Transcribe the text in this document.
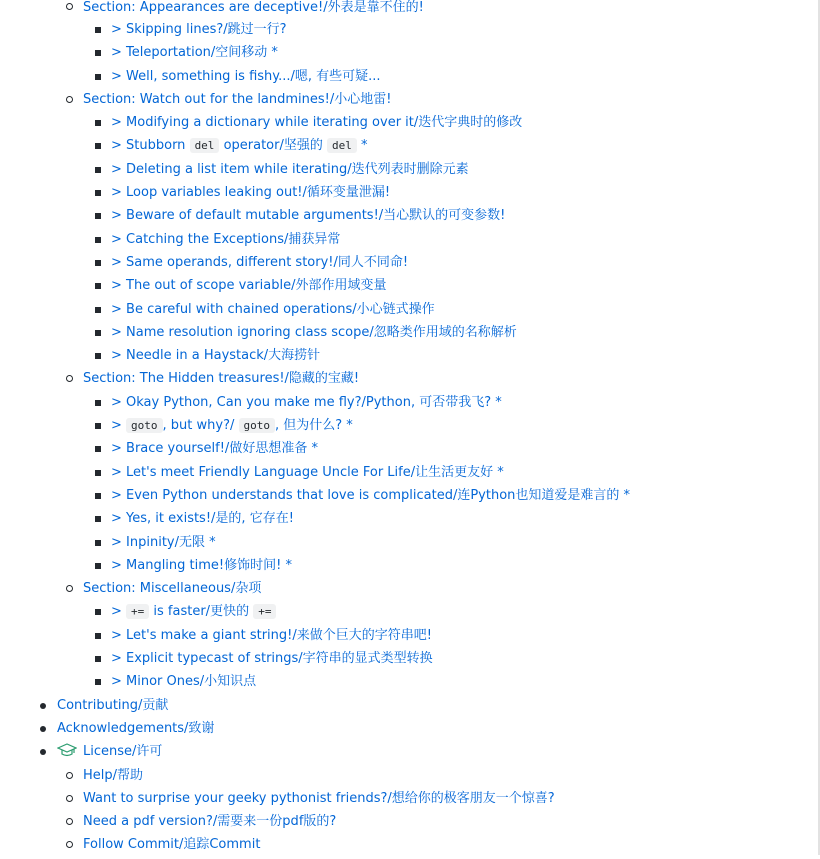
Section: Appearances are deceptive!/外表是靠不住的!
> Skipping lines?/跳过一行?
> Teleportation/空间移动 *
> Well, something is fishy.../嗯, 有些可疑...
Section: Watch out for the landmines!/小心地雷!
> Modifying a dictionary while iterating over it/迭代字典时的修改
> Stubborn del operator/坚强的 del *
> Deleting a list item while iterating/迭代列表时删除元素
> Loop variables leaking out!/循环变量泄漏!
> Beware of default mutable arguments!/当心默认的可变参数!
> Catching the Exceptions/捕获异常
> Same operands, different story!/同人不同命!
> The out of scope variable/外部作用域变量
> Be careful with chained operations/小心链式操作
> Name resolution ignoring class scope/忽略类作用域的名称解析
> Needle in a Haystack/大海捞针
Section: The Hidden treasures!/隐藏的宝藏!
> Okay Python, Can you make me fly?/Python, 可否带我飞? *
> goto , but why?/ goto , 但为什么? *
> Brace yourself!/做好思想准备 *
> Let's meet Friendly Language Uncle For Life/让生活更友好 *
> Even Python understands that love is complicated/连Python也知道爱是难言的 *
> Yes, it exists!/是的, 它存在!
> Inpinity/无限 *
> Mangling time!修饰时间! *
Section: Miscellaneous/杂项
> += is faster/更快的 +=
> Let's make a giant string!/来做个巨大的字符串吧!
> Explicit typecast of strings/字符串的显式类型转换
> Minor Ones/小知识点
Contributing/贡献
Acknowledgements/致谢
License/许可
Help/帮助
Want to surprise your geeky pythonist friends?/想给你的极客朋友一个惊喜?
Need a pdf version?/需要来一份pdf版的?
Follow Commit/追踪Commit
